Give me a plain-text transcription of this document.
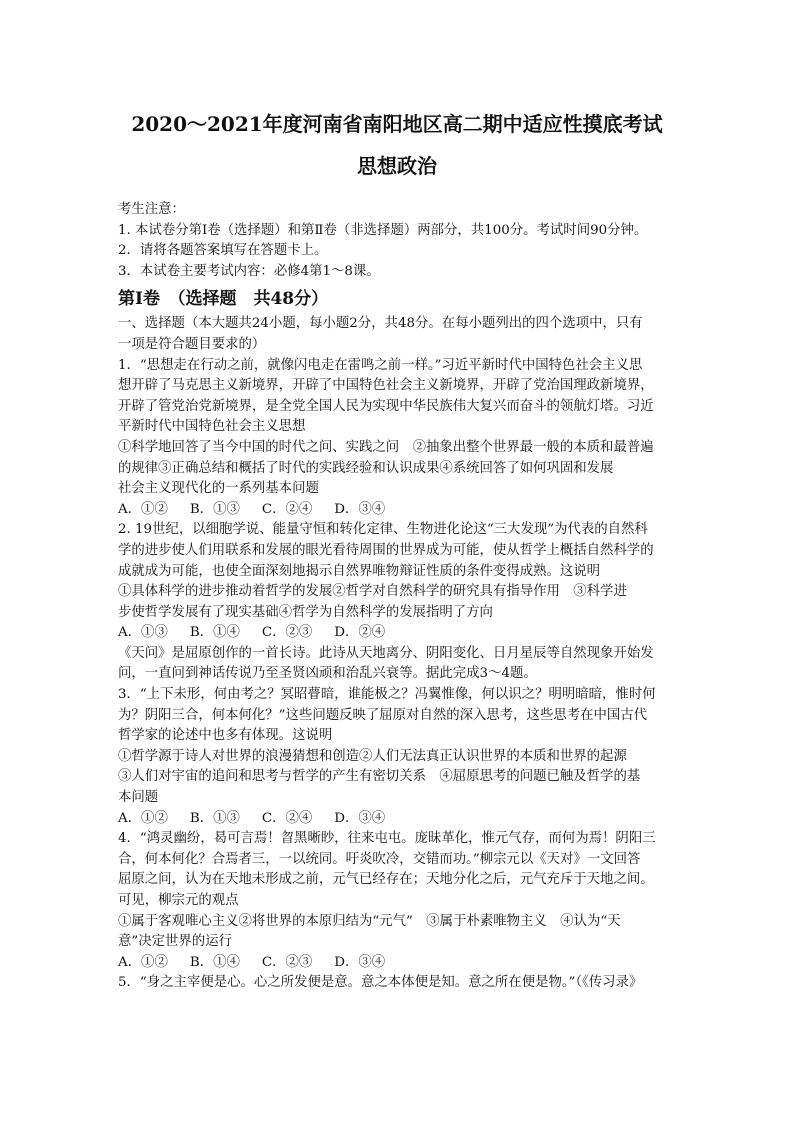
2020～2021年度河南省南阳地区高二期中适应性摸底考试
思想政治
考生注意：
1. 本试卷分第Ⅰ卷（选择题）和第Ⅱ卷（非选择题）两部分，共100分。考试时间90分钟。
2．请将各题答案填写在答题卡上。
3．本试卷主要考试内容：必修4第1～8课。
第Ⅰ卷　（选择题　共48分）
一、选择题（本大题共24小题，每小题2分，共48分。在每小题列出的四个选项中，只有
一项是符合题目要求的）
1．“思想走在行动之前，就像闪电走在雷鸣之前一样。”习近平新时代中国特色社会主义思
想开辟了马克思主义新境界，开辟了中国特色社会主义新境界，开辟了党治国理政新境界，
开辟了管党治党新境界，是全党全国人民为实现中华民族伟大复兴而奋斗的领航灯塔。习近
平新时代中国特色社会主义思想
①科学地回答了当今中国的时代之问、实践之问　②抽象出整个世界最一般的本质和最普遍
的规律③正确总结和概括了时代的实践经验和认识成果④系统回答了如何巩固和发展
社会主义现代化的一系列基本问题
A．①② B．①③ C．②④ D．③④
2. 19世纪，以细胞学说、能量守恒和转化定律、生物进化论这“三大发现”为代表的自然科
学的进步使人们用联系和发展的眼光看待周围的世界成为可能，使从哲学上概括自然科学的
成就成为可能，也使全面深刻地揭示自然界唯物辩证性质的条件变得成熟。这说明
①具体科学的进步推动着哲学的发展②哲学对自然科学的研究具有指导作用　③科学进
步使哲学发展有了现实基础④哲学为自然科学的发展指明了方向
A．①③ B．①④ C．②③ D．②④
《天问》是屈原创作的一首长诗。此诗从天地离分、阴阳变化、日月星辰等自然现象开始发
问，一直问到神话传说乃至圣贤凶顽和治乱兴衰等。据此完成3～4题。
3．“上下未形，何由考之？冥昭瞢暗，谁能极之？冯翼惟像，何以识之？明明暗暗，惟时何
为？阴阳三合，何本何化？”这些问题反映了屈原对自然的深入思考，这些思考在中国古代
哲学家的论述中也多有体现。这说明
①哲学源于诗人对世界的浪漫猜想和创造②人们无法真正认识世界的本质和世界的起源
③人们对宇宙的追问和思考与哲学的产生有密切关系　④屈原思考的问题已触及哲学的基
本问题
A．①② B．①③ C．②④ D．③④
4．“鸿灵幽纷，曷可言焉！曶黑晰眇，往来屯屯。庞昧革化，惟元气存，而何为焉！阴阳三
合，何本何化？合焉者三，一以统同。吁炎吹冷，交错而功。”柳宗元以《天对》一文回答
屈原之问，认为在天地未形成之前，元气已经存在；天地分化之后，元气充斥于天地之间。
可见，柳宗元的观点
①属于客观唯心主义②将世界的本原归结为“元气”　③属于朴素唯物主义　④认为“天
意”决定世界的运行
A．①② B．①④ C．②③ D．③④
5．“身之主宰便是心。心之所发便是意。意之本体便是知。意之所在便是物。”（《传习录》
